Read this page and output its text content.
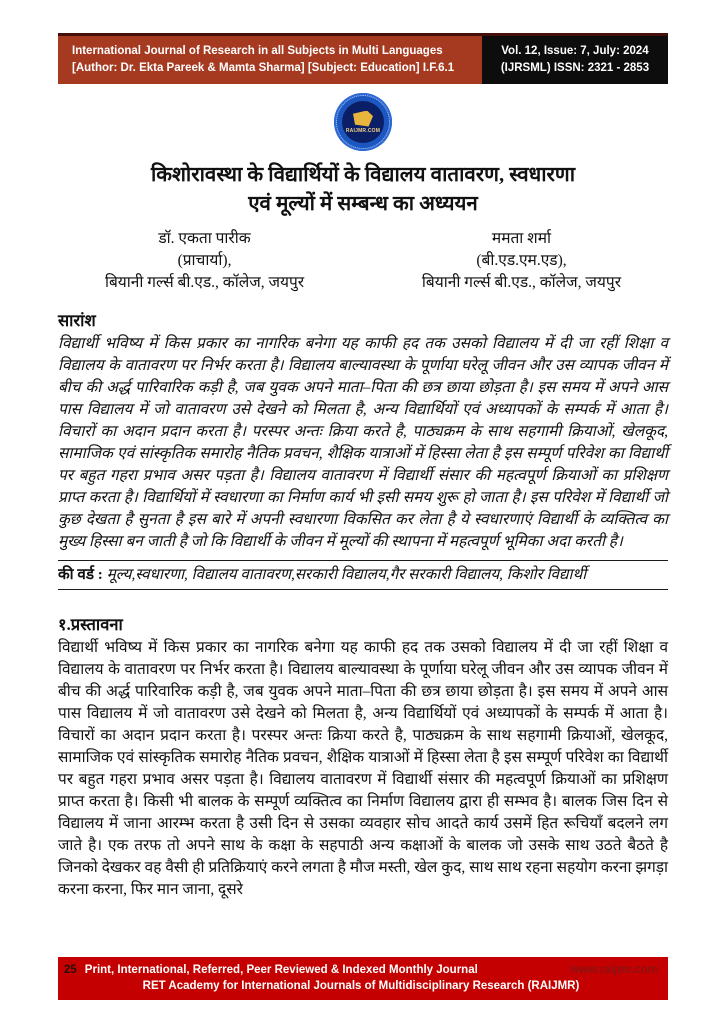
International Journal of Research in all Subjects in Multi Languages
[Author: Dr. Ekta Pareek & Mamta Sharma] [Subject: Education] I.F.6.1
Vol. 12, Issue: 7, July: 2024
(IJRSML) ISSN: 2321 - 2853
RAIJMR.COM
किशोरावस्था के विद्यार्थियों के विद्यालय वातावरण, स्वधारणा
एवं मूल्यों में सम्बन्ध का अध्ययन
डॉ. एकता पारीक
(प्राचार्या),
बियानी गर्ल्स बी.एड., कॉलेज, जयपुर
ममता शर्मा
(बी.एड.एम.एड),
बियानी गर्ल्स बी.एड., कॉलेज, जयपुर
सारांश
विद्यार्थी भविष्य में किस प्रकार का नागरिक बनेगा यह काफी हद तक उसको विद्यालय में दी जा रहीं शिक्षा व विद्यालय के वातावरण पर निर्भर करता है। विद्यालय बाल्यावस्था के पूर्णाया घरेलू जीवन और उस व्यापक जीवन में बीच की अर्द्ध पारिवारिक कड़ी है, जब युवक अपने माता–पिता की छत्र छाया छोड़ता है। इस समय में अपने आस पास विद्यालय में जो वातावरण उसे देखने को मिलता है, अन्य विद्यार्थियों एवं अध्यापकों के सम्पर्क में आता है। विचारों का अदान प्रदान करता है। परस्पर अन्तः क्रिया करते है, पाठ्यक्रम के साथ सहगामी क्रियाओं, खेलकूद, सामाजिक एवं सांस्कृतिक समारोह नैतिक प्रवचन, शैक्षिक यात्राओं में हिस्सा लेता है इस सम्पूर्ण परिवेश का विद्यार्थी पर बहुत गहरा प्रभाव असर पड़ता है। विद्यालय वातावरण में विद्यार्थी संसार की महत्वपूर्ण क्रियाओं का प्रशिक्षण प्राप्त करता है। विद्यार्थियों में स्वधारणा का निर्माण कार्य भी इसी समय शुरू हो जाता है। इस परिवेश में विद्यार्थी जो कुछ देखता है सुनता है इस बारे में अपनी स्वधारणा विकसित कर लेता है ये स्वधारणाएं विद्यार्थी के व्यक्तित्व का मुख्य हिस्सा बन जाती है जो कि विद्यार्थी के जीवन में मूल्यों की स्थापना में महत्वपूर्ण भूमिका अदा करती है।
की वर्ड : मूल्य,स्वधारणा, विद्यालय वातावरण,सरकारी विद्यालय,गैर सरकारी विद्यालय, किशोर विद्यार्थी
१.प्रस्तावना
विद्यार्थी भविष्य में किस प्रकार का नागरिक बनेगा यह काफी हद तक उसको विद्यालय में दी जा रहीं शिक्षा व विद्यालय के वातावरण पर निर्भर करता है। विद्यालय बाल्यावस्था के पूर्णाया घरेलू जीवन और उस व्यापक जीवन में बीच की अर्द्ध पारिवारिक कड़ी है, जब युवक अपने माता–पिता की छत्र छाया छोड़ता है। इस समय में अपने आस पास विद्यालय में जो वातावरण उसे देखने को मिलता है, अन्य विद्यार्थियों एवं अध्यापकों के सम्पर्क में आता है। विचारों का अदान प्रदान करता है। परस्पर अन्तः क्रिया करते है, पाठ्यक्रम के साथ सहगामी क्रियाओं, खेलकूद, सामाजिक एवं सांस्कृतिक समारोह नैतिक प्रवचन, शैक्षिक यात्राओं में हिस्सा लेता है इस सम्पूर्ण परिवेश का विद्यार्थी पर बहुत गहरा प्रभाव असर पड़ता है। विद्यालय वातावरण में विद्यार्थी संसार की महत्वपूर्ण क्रियाओं का प्रशिक्षण प्राप्त करता है। किसी भी बालक के सम्पूर्ण व्यक्तित्व का निर्माण विद्यालय द्वारा ही सम्भव है। बालक जिस दिन से विद्यालय में जाना आरम्भ करता है उसी दिन से उसका व्यवहार सोच आदते कार्य उसमें हित रूचियाँ बदलने लग जाते है। एक तरफ तो अपने साथ के कक्षा के सहपाठी अन्य कक्षाओं के बालक जो उसके साथ उठते बैठते है जिनको देखकर वह वैसी ही प्रतिक्रियाएं करने लगता है मौज मस्ती, खेल कुद, साथ साथ रहना सहयोग करना झगड़ा करना करना, फिर मान जाना, दूसरे
25 Print, International, Referred, Peer Reviewed & Indexed Monthly Journal	www.raijmr.com
RET Academy for International Journals of Multidisciplinary Research (RAIJMR)
